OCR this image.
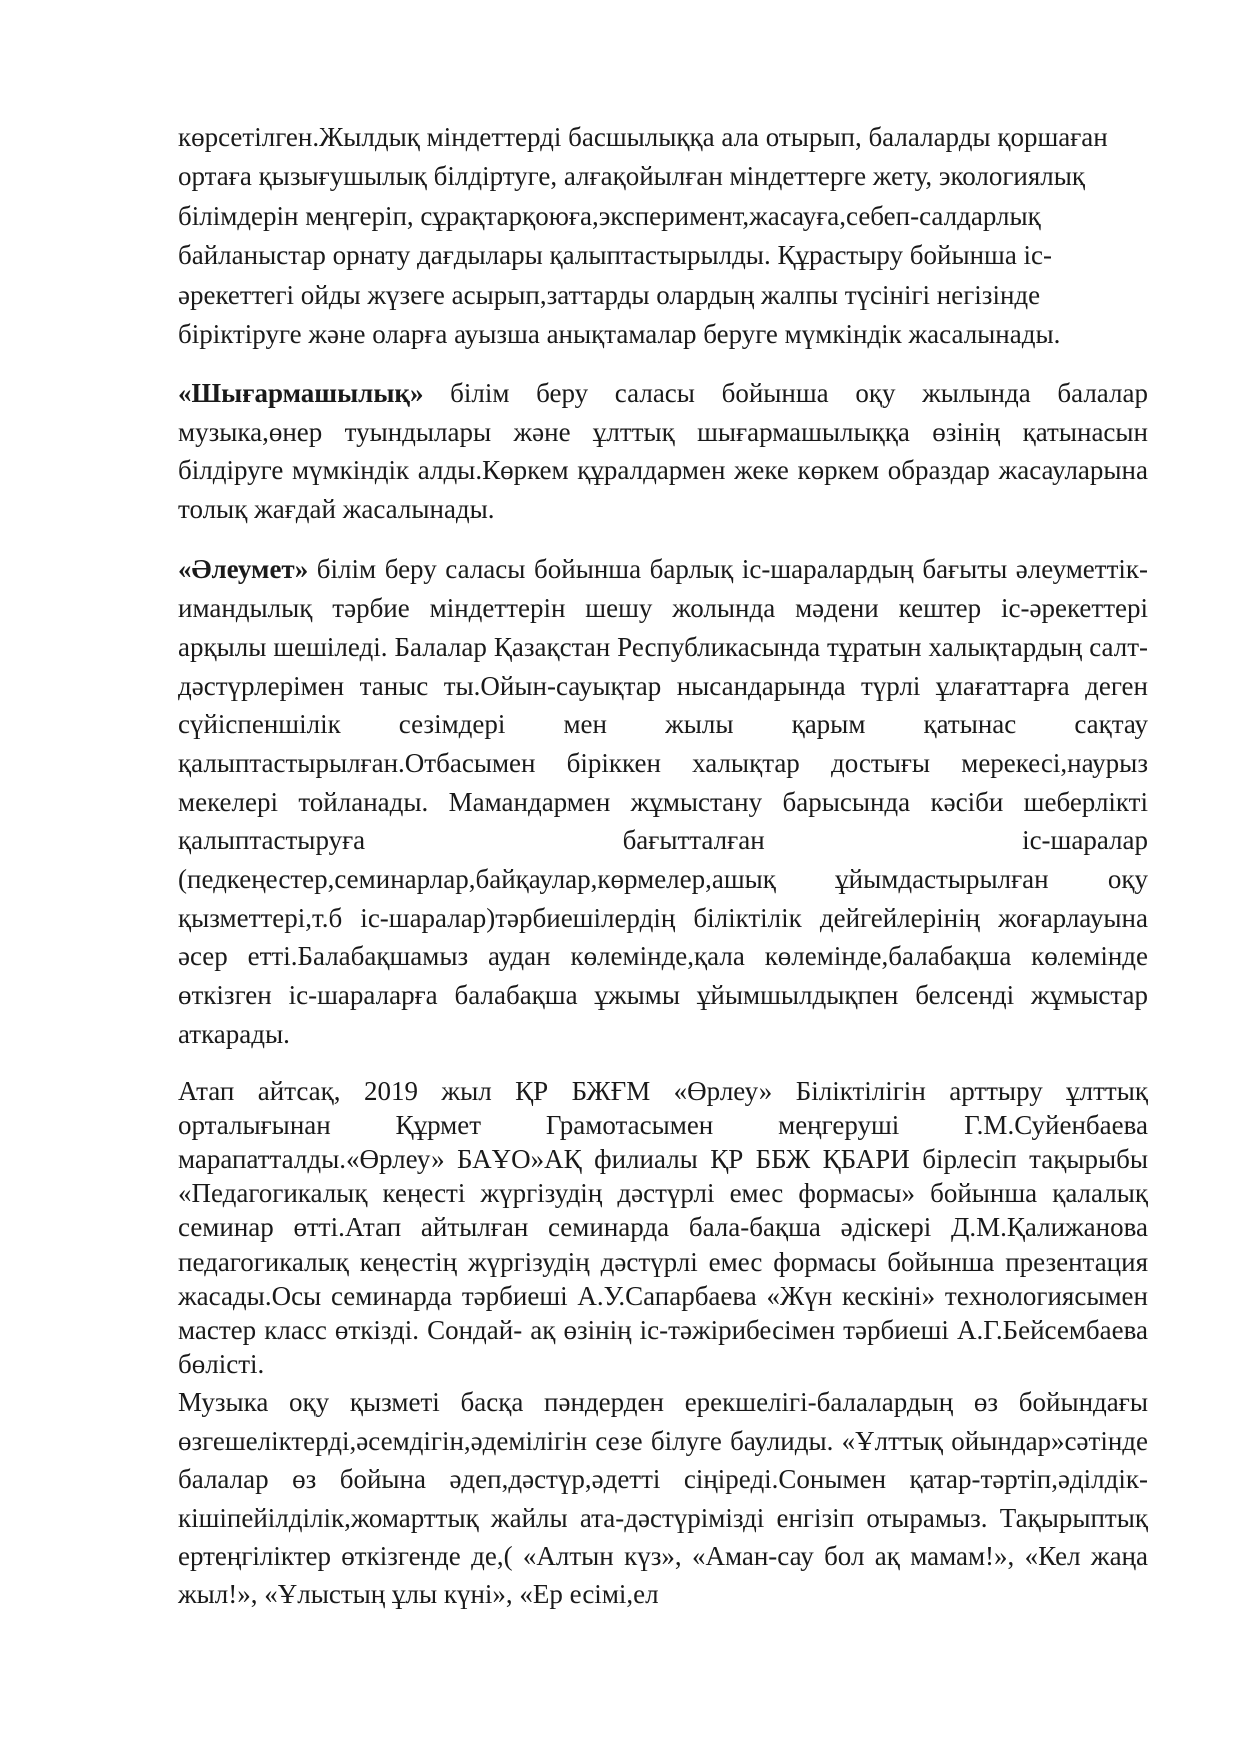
көрсетілген.Жылдық міндеттерді басшылыққа ала отырып, балаларды қоршаған ортаға қызығушылық білдіртуге, алғақойылған міндеттерге жету, экологиялық білімдерін меңгеріп, сұрақтарқоюға,эксперимент,жасауға,себеп-салдарлық байланыстар орнату дағдылары қалыптастырылды. Құрастыру бойынша іс-әрекеттегі ойды жүзеге асырып,заттарды олардың жалпы түсінігі негізінде біріктіруге және оларға ауызша анықтамалар беруге мүмкіндік жасалынады.

«Шығармашылық» білім беру саласы бойынша оқу жылында балалар музыка,өнер туындылары және ұлттық шығармашылыққа өзінің қатынасын білдіруге мүмкіндік алды.Көркем құралдармен жеке көркем образдар жасауларына толық жағдай жасалынады.

«Әлеумет» білім беру саласы бойынша барлық іс-шаралардың бағыты әлеуметтік-имандылық тәрбие міндеттерін шешу жолында мәдени кештер іс-әрекеттері арқылы шешіледі. Балалар Қазақстан Республикасында тұратын халықтардың салт-дәстүрлерімен таныс ты.Ойын-сауықтар нысандарында түрлі ұлағаттарға деген сүйіспеншілік сезімдері мен жылы қарым қатынас сақтау қалыптастырылған.Отбасымен біріккен халықтар достығы мерекесі,наурыз мекелері тойланады. Мамандармен жұмыстану барысында кәсіби шеберлікті қалыптастыруға бағытталған іс-шаралар (педкеңестер,семинарлар,байқаулар,көрмелер,ашық ұйымдастырылған оқу қызметтері,т.б іс-шаралар)тәрбиешілердің біліктілік дейгейлерінің жоғарлауына әсер етті.Балабақшамыз аудан көлемінде,қала көлемінде,балабақша көлемінде өткізген іс-шараларға балабақша ұжымы ұйымшылдықпен белсенді жұмыстар аткарады.

Атап айтсақ, 2019 жыл ҚР БЖҒМ «Өрлеу» Біліктілігін арттыру ұлттық орталығынан Құрмет Грамотасымен меңгеруші Г.М.Суйенбаева марапатталды.«Өрлеу» БАҰО»АҚ филиалы ҚР ББЖ ҚБАРИ бірлесіп тақырыбы «Педагогикалық кеңесті жүргізудің дәстүрлі емес формасы» бойынша қалалық семинар өтті.Атап айтылған семинарда бала-бақша әдіскері Д.М.Қалижанова педагогикалық кеңестің жүргізудің дәстүрлі емес формасы бойынша презентация жасады.Осы семинарда тәрбиеші А.У.Сапарбаева «Жүн кескіні» технологиясымен мастер класс өткізді. Сондай- ақ өзінің іс-тәжірибесімен тәрбиеші А.Г.Бейсембаева бөлісті.

Музыка оқу қызметі басқа пәндерден ерекшелігі-балалардың өз бойындағы өзгешеліктерді,әсемдігін,әдемілігін сезе білуге баулиды. «Ұлттық ойындар»сәтінде балалар өз бойына әдеп,дәстүр,әдетті сіңіреді.Сонымен қатар-тәртіп,әділдік-кішіпейілділік,жомарттық жайлы ата-дәстүрімізді енгізіп отырамыз. Тақырыптық ертеңгіліктер өткізгенде де,( «Алтын күз», «Аман-сау бол ақ мамам!», «Кел жаңа жыл!», «Ұлыстың ұлы күні», «Ер есімі,ел
